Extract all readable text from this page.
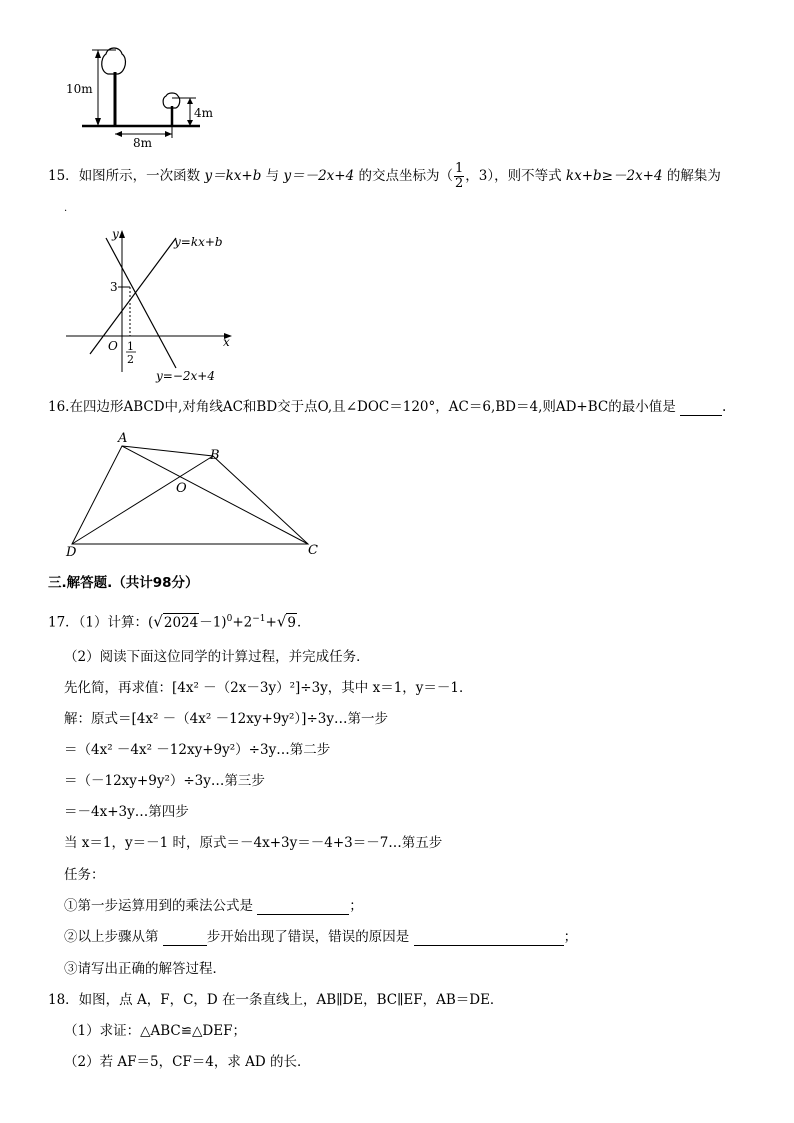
10m
4m
8m
15．如图所示，一次函数 y＝kx+b 与 y＝－2x+4 的交点坐标为（ $\frac{1}{2}$ ，3），则不等式 kx+b≥－2x+4 的解集为
.
y
x
O
3
1
2
y=kx+b
y=−2x+4
16.在四边形ABCD中,对角线AC和BD交于点O,且∠DOC＝120°，AC＝6,BD＝4,则AD+BC的最小值是	.
A
B
C
D
O
三.解答题.（共计98分）
17．（1）计算：$(√2024-1)^0+2^{-1}+√9$．
（2）阅读下面这位同学的计算过程，并完成任务．
先化简，再求值：[4x² －（2x－3y）²]÷3y，其中 x＝1，y＝－1．
解：原式＝[4x² －（4x² －12xy+9y²）]÷3y…第一步
＝（4x² －4x² －12xy+9y²）÷3y…第二步
＝（－12xy+9y²）÷3y…第三步
＝－4x+3y…第四步
当 x＝1，y＝－1 时，原式＝－4x+3y＝－4+3＝－7…第五步
任务：
①第一步运算用到的乘法公式是	；
②以上步骤从第	步开始出现了错误，错误的原因是	；
③请写出正确的解答过程．
18．如图，点 A，F，C，D 在一条直线上，AB∥DE，BC∥EF，AB＝DE．
（1）求证：△ABC≌△DEF；
（2）若 AF＝5，CF＝4，求 AD 的长．
